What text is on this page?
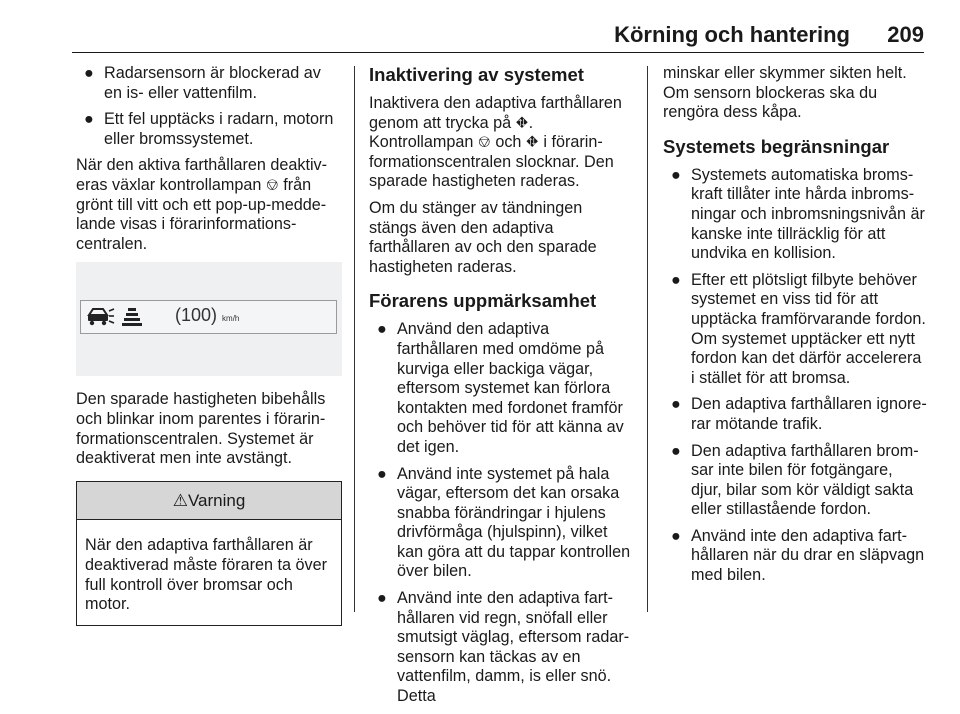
Körning och hantering 209
● Radarsensorn är blockerad av en is- eller vattenfilm.
● Ett fel upptäcks i radarn, motorn eller bromssystemet.

När den aktiva farthållaren deaktiveras växlar kontrollampan ⎊ från grönt till vitt och ett pop-up-meddelande visas i förarinformationscentralen.

(100) km/h

Den sparade hastigheten bibehålls och blinkar inom parentes i förarinformationscentralen. Systemet är deaktiverat men inte avstängt.

⚠Varning
När den adaptiva farthållaren är deaktiverad måste föraren ta över full kontroll över bromsar och motor.
Inaktivering av systemet

Inaktivera den adaptiva farthållaren genom att trycka på ⛖.

Kontrollampan ⎊ och ⛖ i förarinformationscentralen slocknar. Den sparade hastigheten raderas.

Om du stänger av tändningen stängs även den adaptiva farthållaren av och den sparade hastigheten raderas.

Förarens uppmärksamhet
● Använd den adaptiva farthållaren med omdöme på kurviga eller backiga vägar, eftersom systemet kan förlora kontakten med fordonet framför och behöver tid för att känna av det igen.
● Använd inte systemet på hala vägar, eftersom det kan orsaka snabba förändringar i hjulens drivförmåga (hjulspinn), vilket kan göra att du tappar kontrollen över bilen.
● Använd inte den adaptiva farthållaren vid regn, snöfall eller smutsigt väglag, eftersom radarsensorn kan täckas av en vattenfilm, damm, is eller snö. Detta

minskar eller skymmer sikten helt. Om sensorn blockeras ska du rengöra dess kåpa.

Systemets begränsningar
● Systemets automatiska bromskraft tillåter inte hårda inbromsningar och inbromsningsnivån är kanske inte tillräcklig för att undvika en kollision.
● Efter ett plötsligt filbyte behöver systemet en viss tid för att upptäcka framförvarande fordon. Om systemet upptäcker ett nytt fordon kan det därför accelerera i stället för att bromsa.
● Den adaptiva farthållaren ignorerar mötande trafik.
● Den adaptiva farthållaren bromsar inte bilen för fotgängare, djur, bilar som kör väldigt sakta eller stillastående fordon.
● Använd inte den adaptiva farthållaren när du drar en släpvagn med bilen.
